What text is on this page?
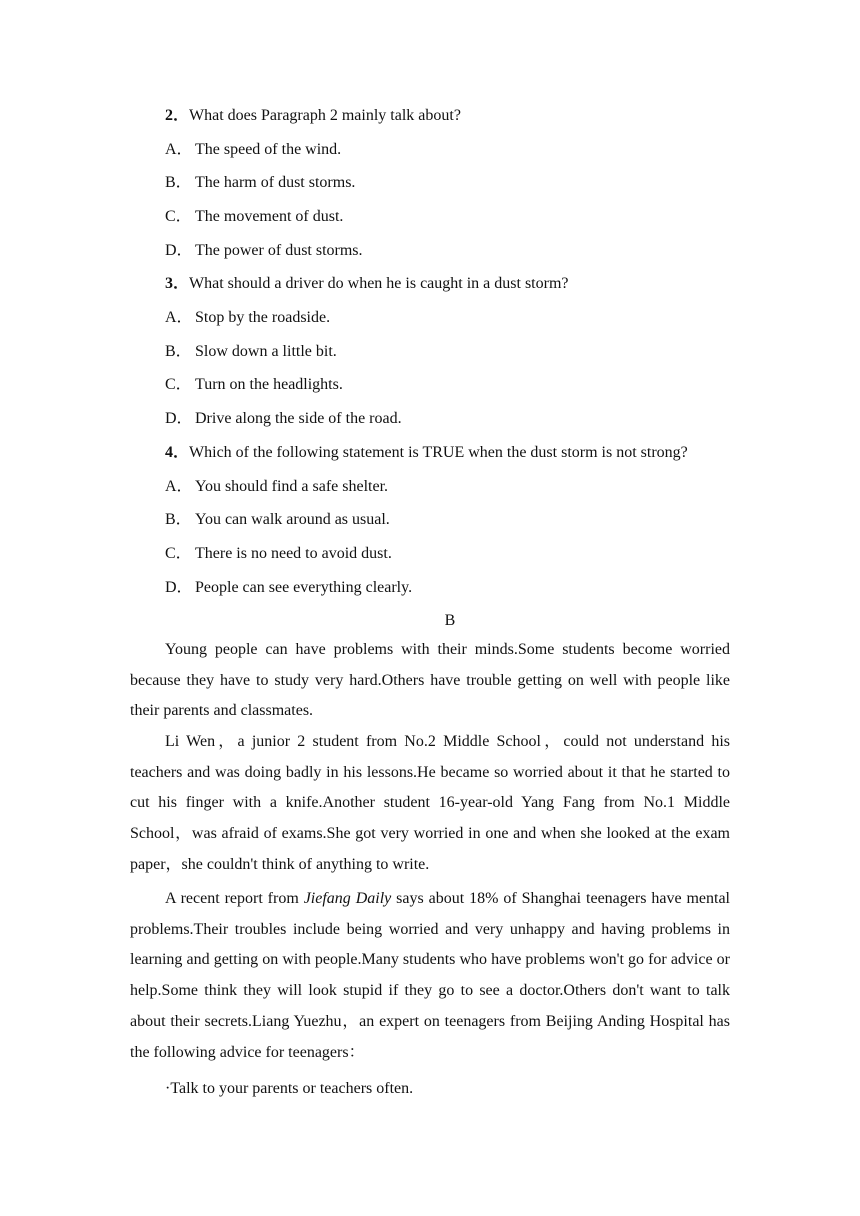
2．What does Paragraph 2 mainly talk about?
A． The speed of the wind.
B． The harm of dust storms.
C． The movement of dust.
D． The power of dust storms.
3．What should a driver do when he is caught in a dust storm?
A． Stop by the roadside.
B． Slow down a little bit.
C． Turn on the headlights.
D． Drive along the side of the road.
4．Which of the following statement is TRUE when the dust storm is not strong?
A． You should find a safe shelter.
B． You can walk around as usual.
C． There is no need to avoid dust.
D． People can see everything clearly.
B
Young people can have problems with their minds.Some students become worried because they have to study very hard.Others have trouble getting on well with people like their parents and classmates.
Li Wen，a junior 2 student from No.2 Middle School，could not understand his teachers and was doing badly in his lessons.He became so worried about it that he started to cut his finger with a knife.Another student 16-year-old Yang Fang from No.1 Middle School，was afraid of exams.She got very worried in one and when she looked at the exam paper，she couldn't think of anything to write.
A recent report from Jiefang Daily says about 18% of Shanghai teenagers have mental problems.Their troubles include being worried and very unhappy and having problems in learning and getting on with people.Many students who have problems won't go for advice or help.Some think they will look stupid if they go to see a doctor.Others don't want to talk about their secrets.Liang Yuezhu，an expert on teenagers from Beijing Anding Hospital has the following advice for teenagers：
·Talk to your parents or teachers often.
